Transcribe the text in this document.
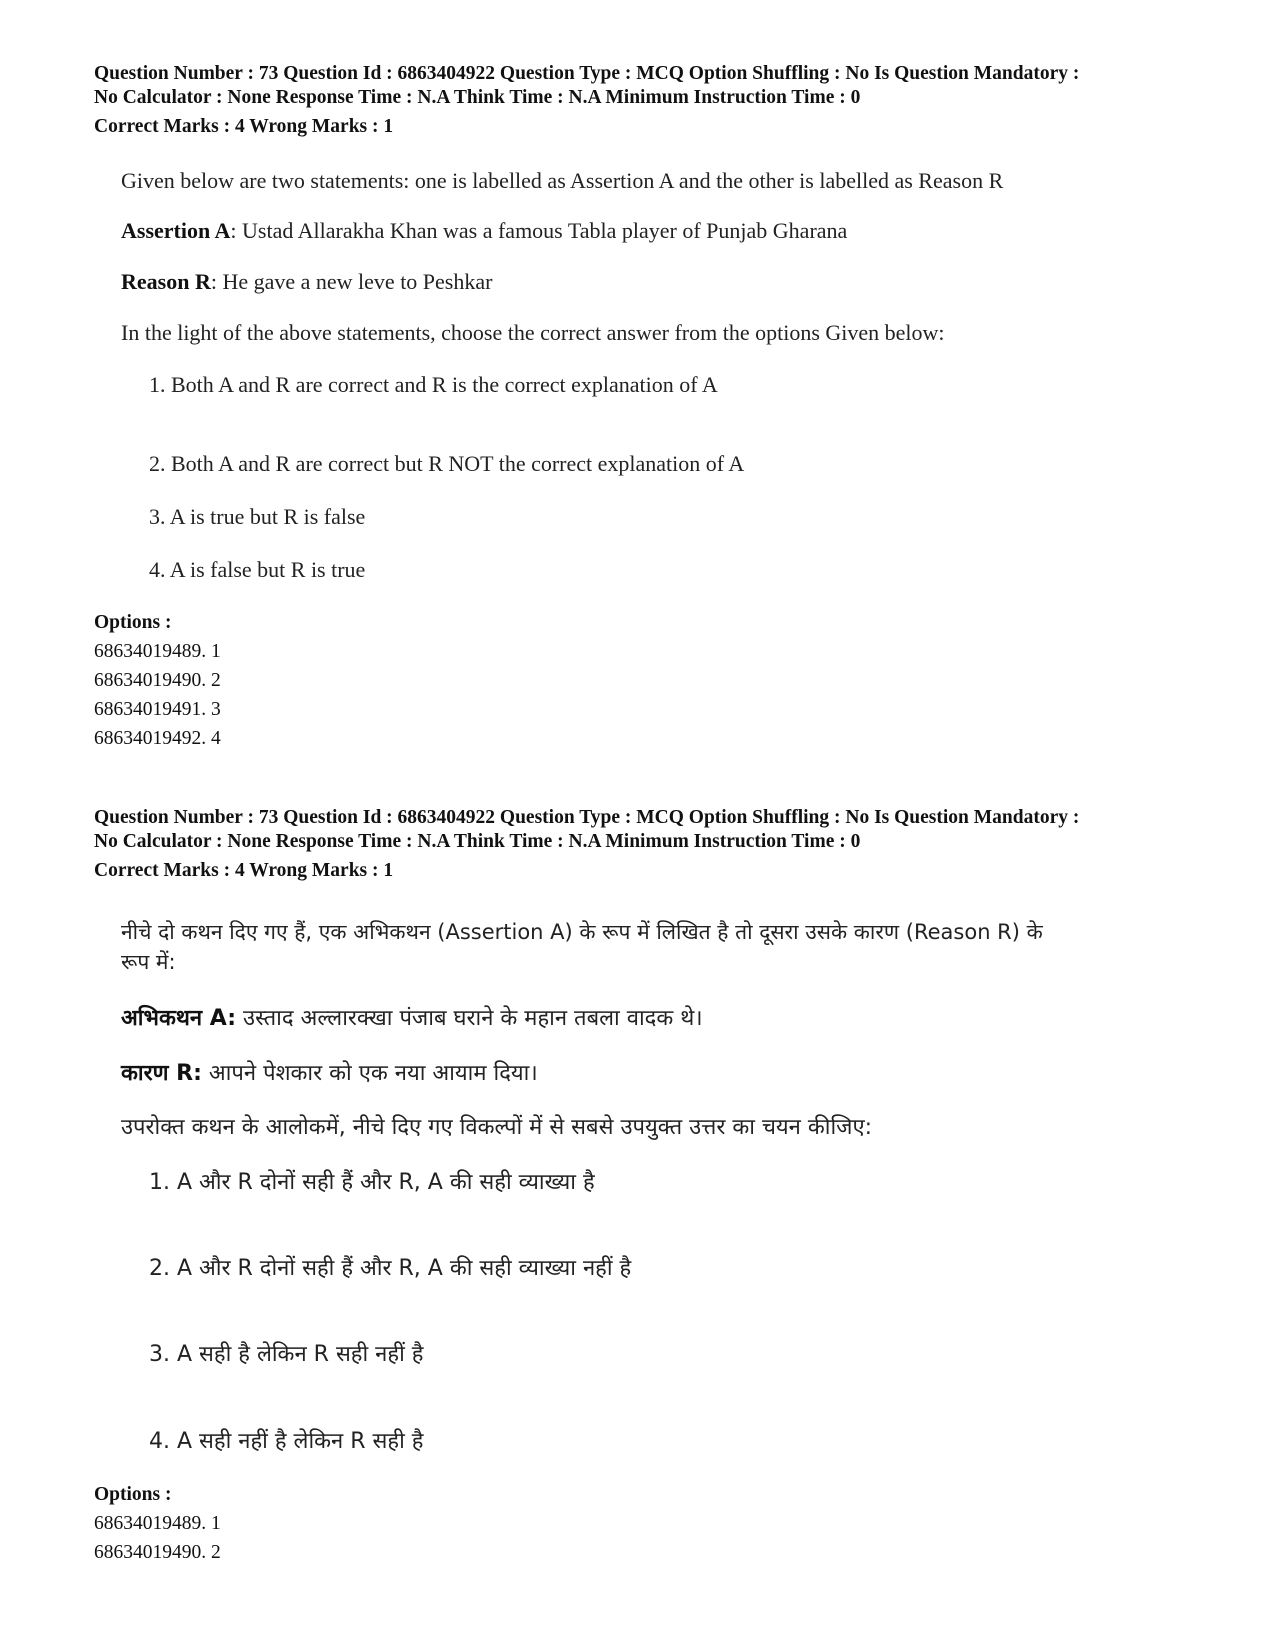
Question Number : 73 Question Id : 6863404922 Question Type : MCQ Option Shuffling : No Is Question Mandatory :

No Calculator : None Response Time : N.A Think Time : N.A Minimum Instruction Time : 0

Correct Marks : 4 Wrong Marks : 1

Given below are two statements: one is labelled as Assertion A and the other is labelled as Reason R
Assertion A: Ustad Allarakha Khan was a famous Tabla player of Punjab Gharana
Reason R: He gave a new leve to Peshkar
In the light of the above statements, choose the correct answer from the options Given below:
1. Both A and R are correct and R is the correct explanation of A
2. Both A and R are correct but R NOT the correct explanation of A
3. A is true but R is false
4. A is false but R is true
Options :
68634019489. 1
68634019490. 2
68634019491. 3
68634019492. 4

Question Number : 73 Question Id : 6863404922 Question Type : MCQ Option Shuffling : No Is Question Mandatory :

No Calculator : None Response Time : N.A Think Time : N.A Minimum Instruction Time : 0

Correct Marks : 4 Wrong Marks : 1

नीचे दो कथन दिए गए हैं, एक अभिकथन (Assertion A) के रूप में लिखित है तो दूसरा उसके कारण (Reason R) के
रूप में:
अभिकथन A: उस्ताद अल्लारक्खा पंजाब घराने के महान तबला वादक थे।
कारण R: आपने पेशकार को एक नया आयाम दिया।
उपरोक्त कथन के आलोकमें, नीचे दिए गए विकल्पों में से सबसे उपयुक्त उत्तर का चयन कीजिए:
1. A और R दोनों सही हैं और R, A की सही व्याख्या है
2. A और R दोनों सही हैं और R, A की सही व्याख्या नहीं है
3. A सही है लेकिन R सही नहीं है
4. A सही नहीं है लेकिन R सही है
Options :
68634019489. 1
68634019490. 2
